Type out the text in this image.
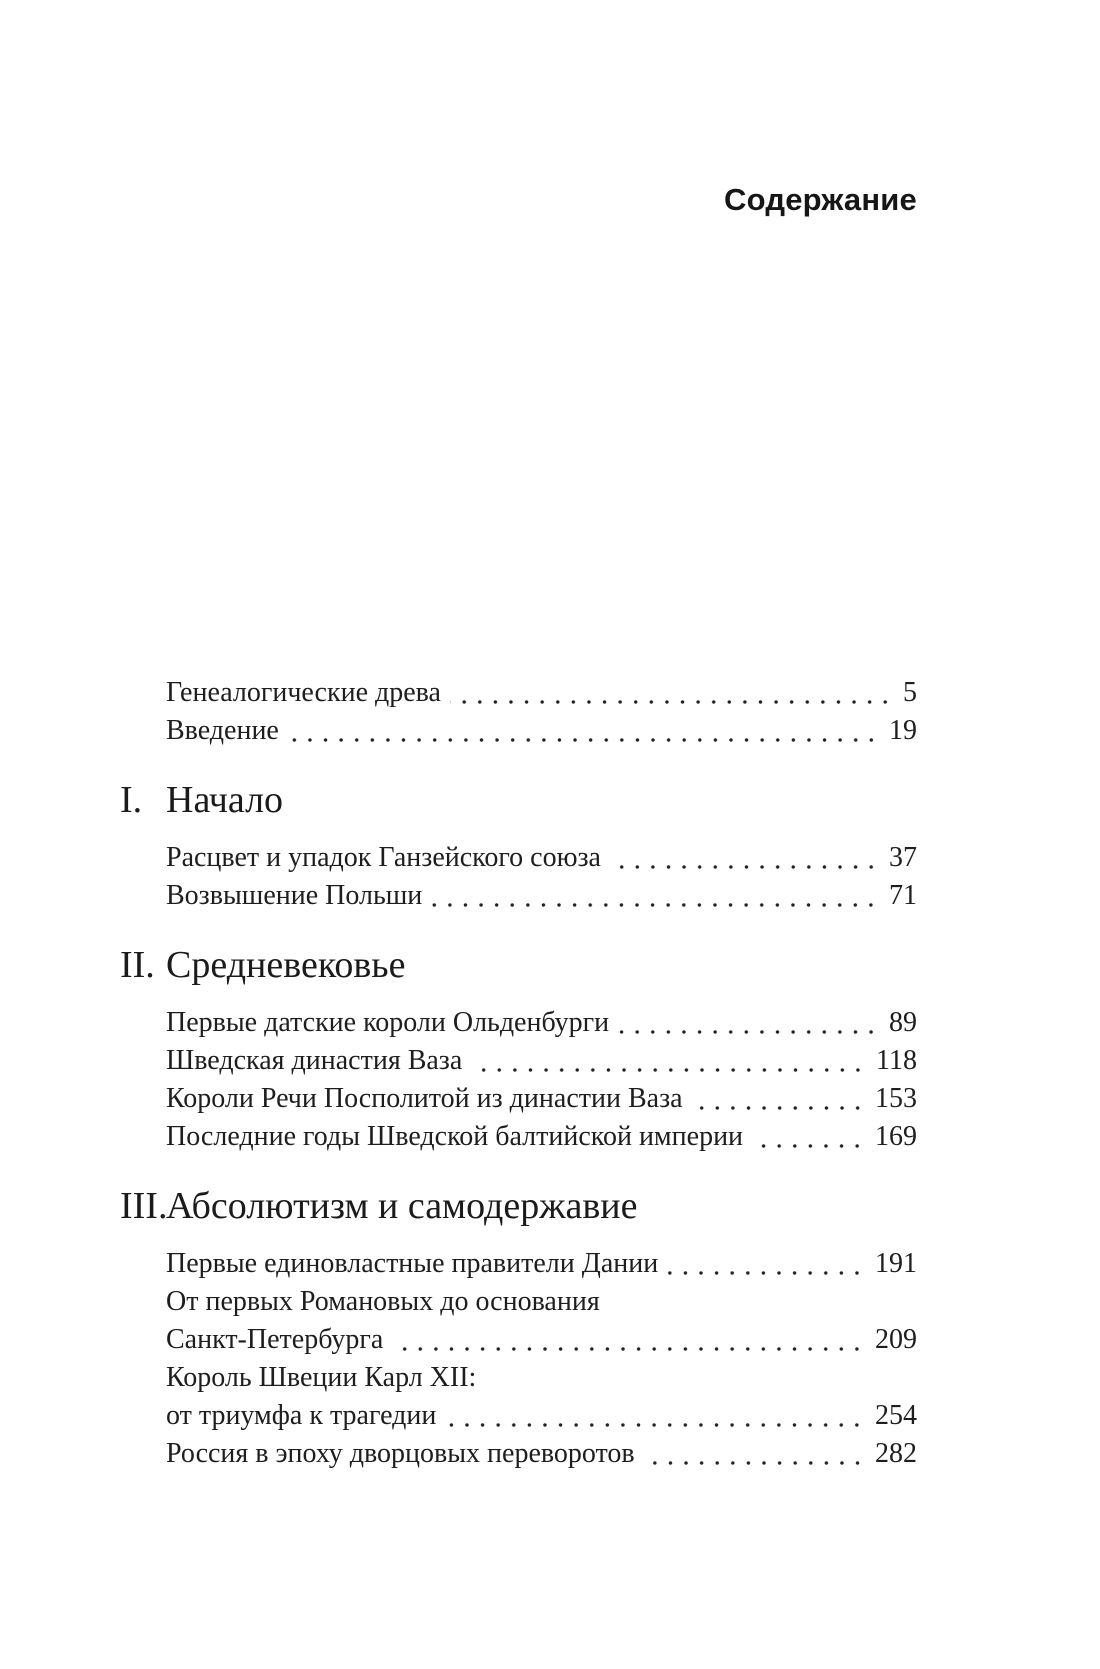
Содержание
Генеалогические древа	5
Введение	19
I. Начало
Расцвет и упадок Ганзейского союза	37
Возвышение Польши	71
II. Средневековье
Первые датские короли Ольденбурги	89
Шведская династия Ваза	118
Короли Речи Посполитой из династии Ваза	153
Последние годы Шведской балтийской империи	169
III.
Абсолютизм и самодержавие
Первые единовластные правители Дании	191
От первых Романовых до основания
Санкт-Петербурга	209
Король Швеции Карл XII:
от триумфа к трагедии	254
Россия в эпоху дворцовых переворотов	282
